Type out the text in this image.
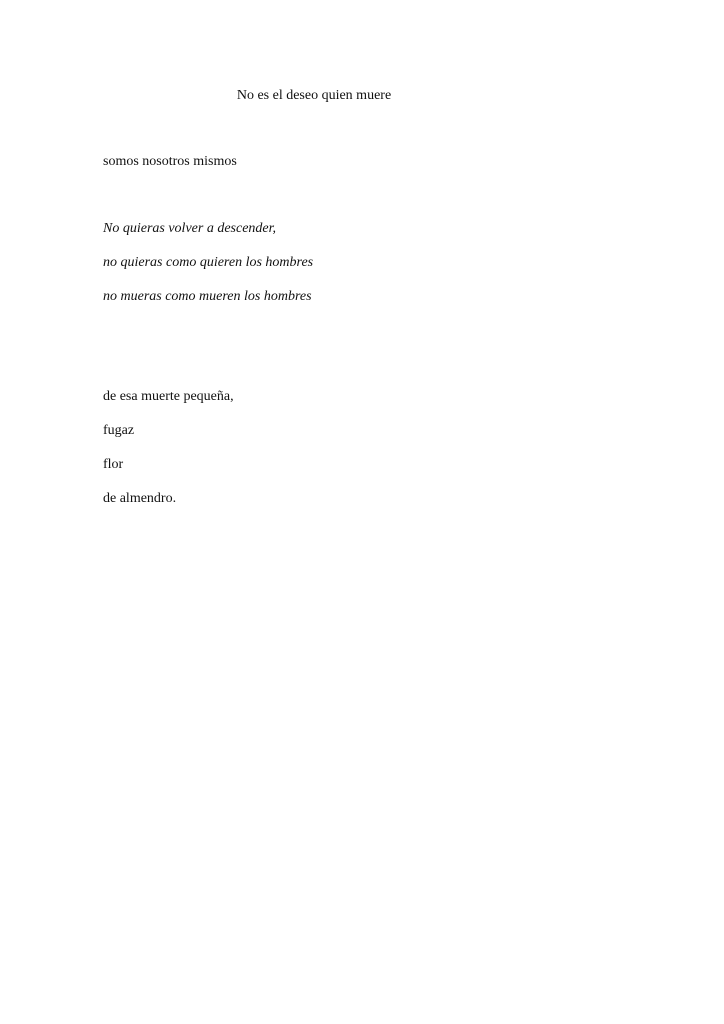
No es el deseo quien muere
somos nosotros mismos
No quieras volver a descender,
no quieras como quieren los hombres
no mueras como mueren los hombres
de esa muerte pequeña,
fugaz
flor
de almendro.
